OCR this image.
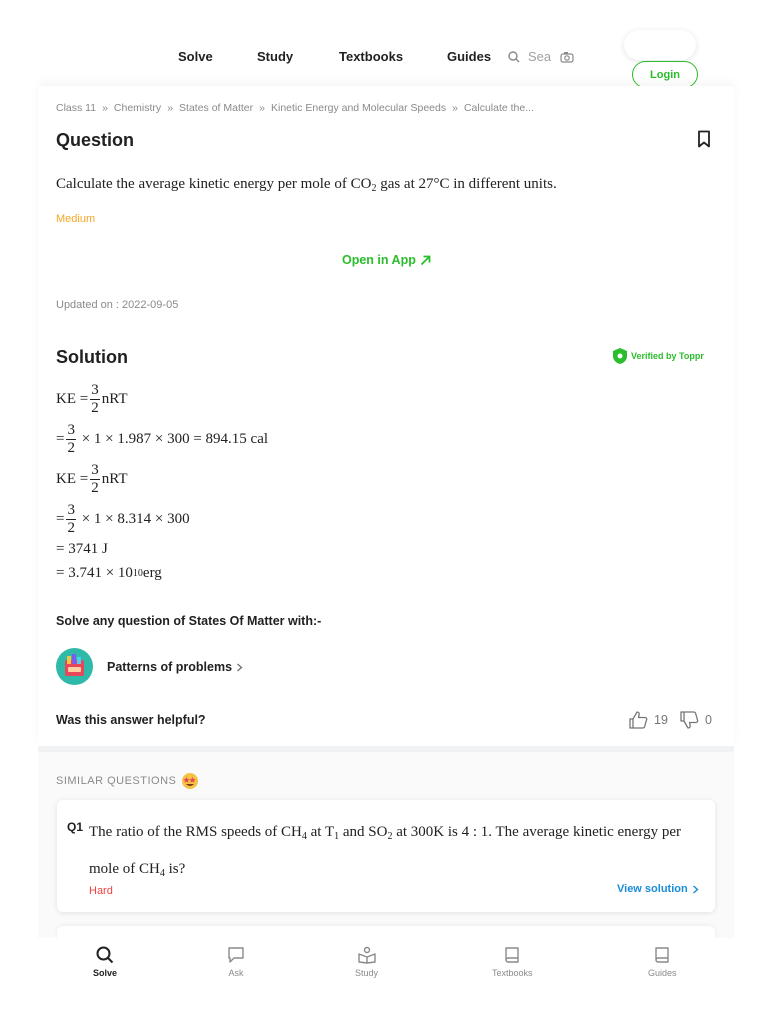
Solve	Study	Textbooks	Guides	Sea
Login
Class 11 » Chemistry » States of Matter » Kinetic Energy and Molecular Speeds » Calculate the...
Question
Calculate the average kinetic energy per mole of $CO_2$ gas at 27°C in different units.
Medium
Open in App
Updated on : 2022-09-05
Solution	Verified by Toppr
KE = $\frac{3}{2}$ nRT
= $\frac{3}{2} \times 1 \times 1.987 \times 300 = 894.15$ cal
KE = $\frac{3}{2}$ nRT
= $\frac{3}{2} \times 1 \times 8.314 \times 300$
= 3741 J
= 3.741 × 10 10 erg
Solve any question of States Of Matter with:-
Patterns of problems
Was this answer helpful?	19	0
SIMILAR QUESTIONS
Q1 The ratio of the RMS speeds of $CH_4$ at $T_1$ and $SO_2$ at 300K is 4 : 1. The average kinetic energy per mole of $CH_4$ is?
Hard	View solution
Solve	Ask	Study	Textbooks	Guides
